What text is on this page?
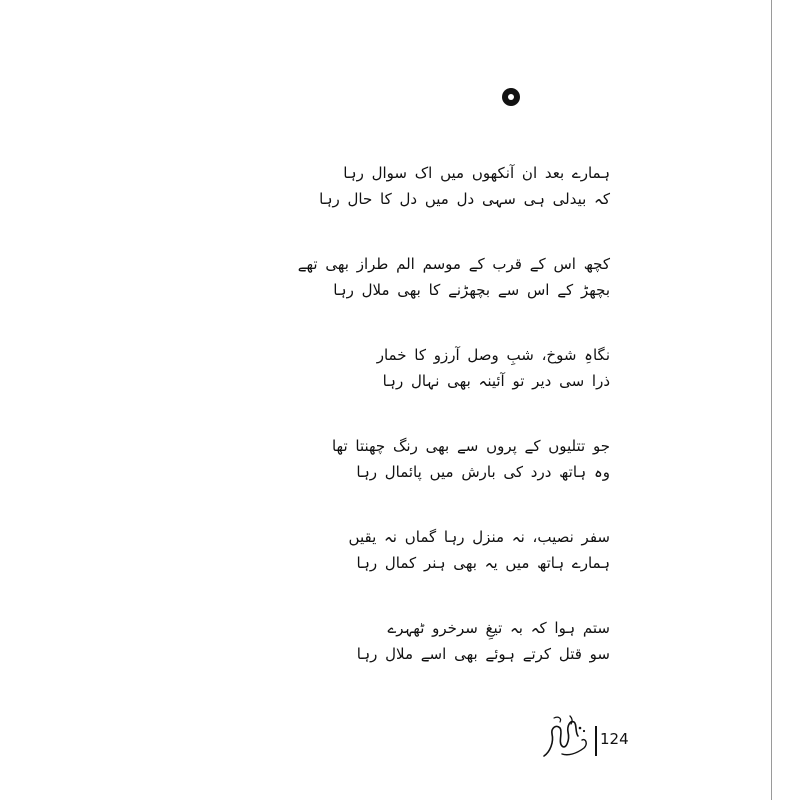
ہمارے بعد ان آنکھوں میں اک سوال رہا
کہ بیدلی ہی سہی دل میں دل کا حال رہا
کچھ اس کے قرب کے موسم الم طراز بھی تھے
بچھڑ کے اس سے بچھڑنے کا بھی ملال رہا
نگاہِ شوخ، شبِ وصل آرزو کا خمار
ذرا سی دیر تو آئینہ بھی نہال رہا
جو تتلیوں کے پروں سے بھی رنگ چھنتا تھا
وہ ہاتھ درد کی بارش میں پائمال رہا
سفر نصیب، نہ منزل رہا گماں نہ یقیں
ہمارے ہاتھ میں یہ بھی ہنر کمال رہا
ستم ہوا کہ بہ تیغِ سرخرو ٹھہرے
سو قتل کرتے ہوئے بھی اسے ملال رہا
124
